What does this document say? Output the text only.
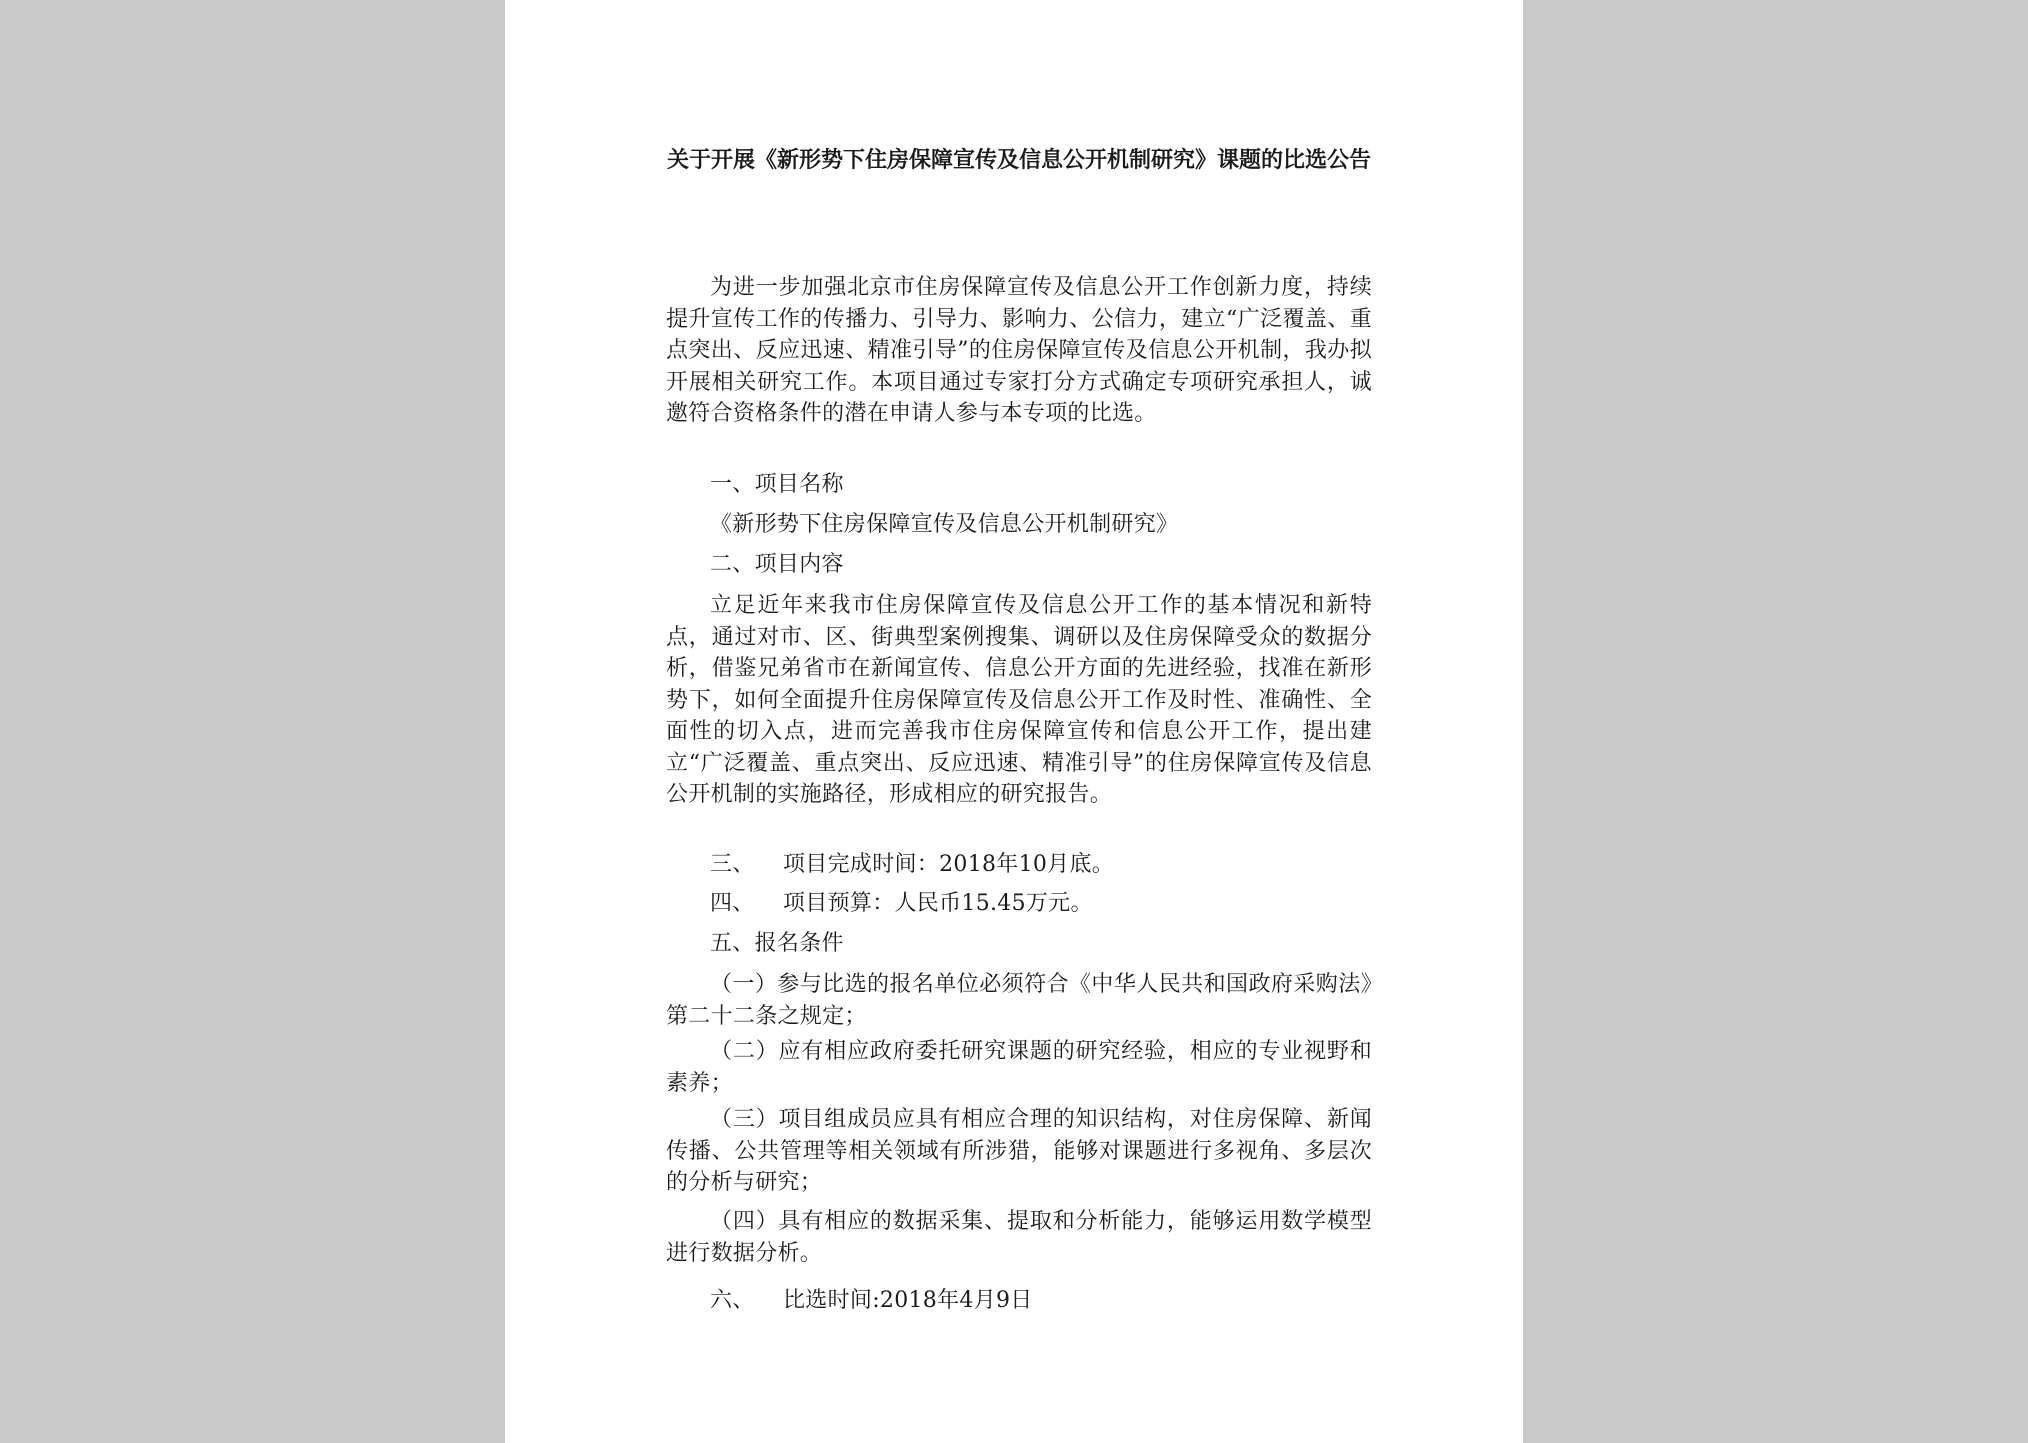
关于开展《新形势下住房保障宣传及信息公开机制研究》课题的比选公告
为进一步加强北京市住房保障宣传及信息公开工作创新力度，持续提升宣传工作的传播力、引导力、影响力、公信力，建立“广泛覆盖、重点突出、反应迅速、精准引导”的住房保障宣传及信息公开机制，我办拟开展相关研究工作。本项目通过专家打分方式确定专项研究承担人，诚邀符合资格条件的潜在申请人参与本专项的比选。
一、项目名称
《新形势下住房保障宣传及信息公开机制研究》
二、项目内容
立足近年来我市住房保障宣传及信息公开工作的基本情况和新特点，通过对市、区、街典型案例搜集、调研以及住房保障受众的数据分析，借鉴兄弟省市在新闻宣传、信息公开方面的先进经验，找准在新形势下，如何全面提升住房保障宣传及信息公开工作及时性、准确性、全面性的切入点，进而完善我市住房保障宣传和信息公开工作，提出建立“广泛覆盖、重点突出、反应迅速、精准引导”的住房保障宣传及信息公开机制的实施路径，形成相应的研究报告。
三、 项目完成时间：2018年10月底。
四、 项目预算：人民币15.45万元。
五、报名条件
（一）参与比选的报名单位必须符合《中华人民共和国政府采购法》第二十二条之规定；
（二）应有相应政府委托研究课题的研究经验，相应的专业视野和素养；
（三）项目组成员应具有相应合理的知识结构，对住房保障、新闻传播、公共管理等相关领域有所涉猎，能够对课题进行多视角、多层次的分析与研究；
（四）具有相应的数据采集、提取和分析能力，能够运用数学模型进行数据分析。
六、 比选时间:2018年4月9日
